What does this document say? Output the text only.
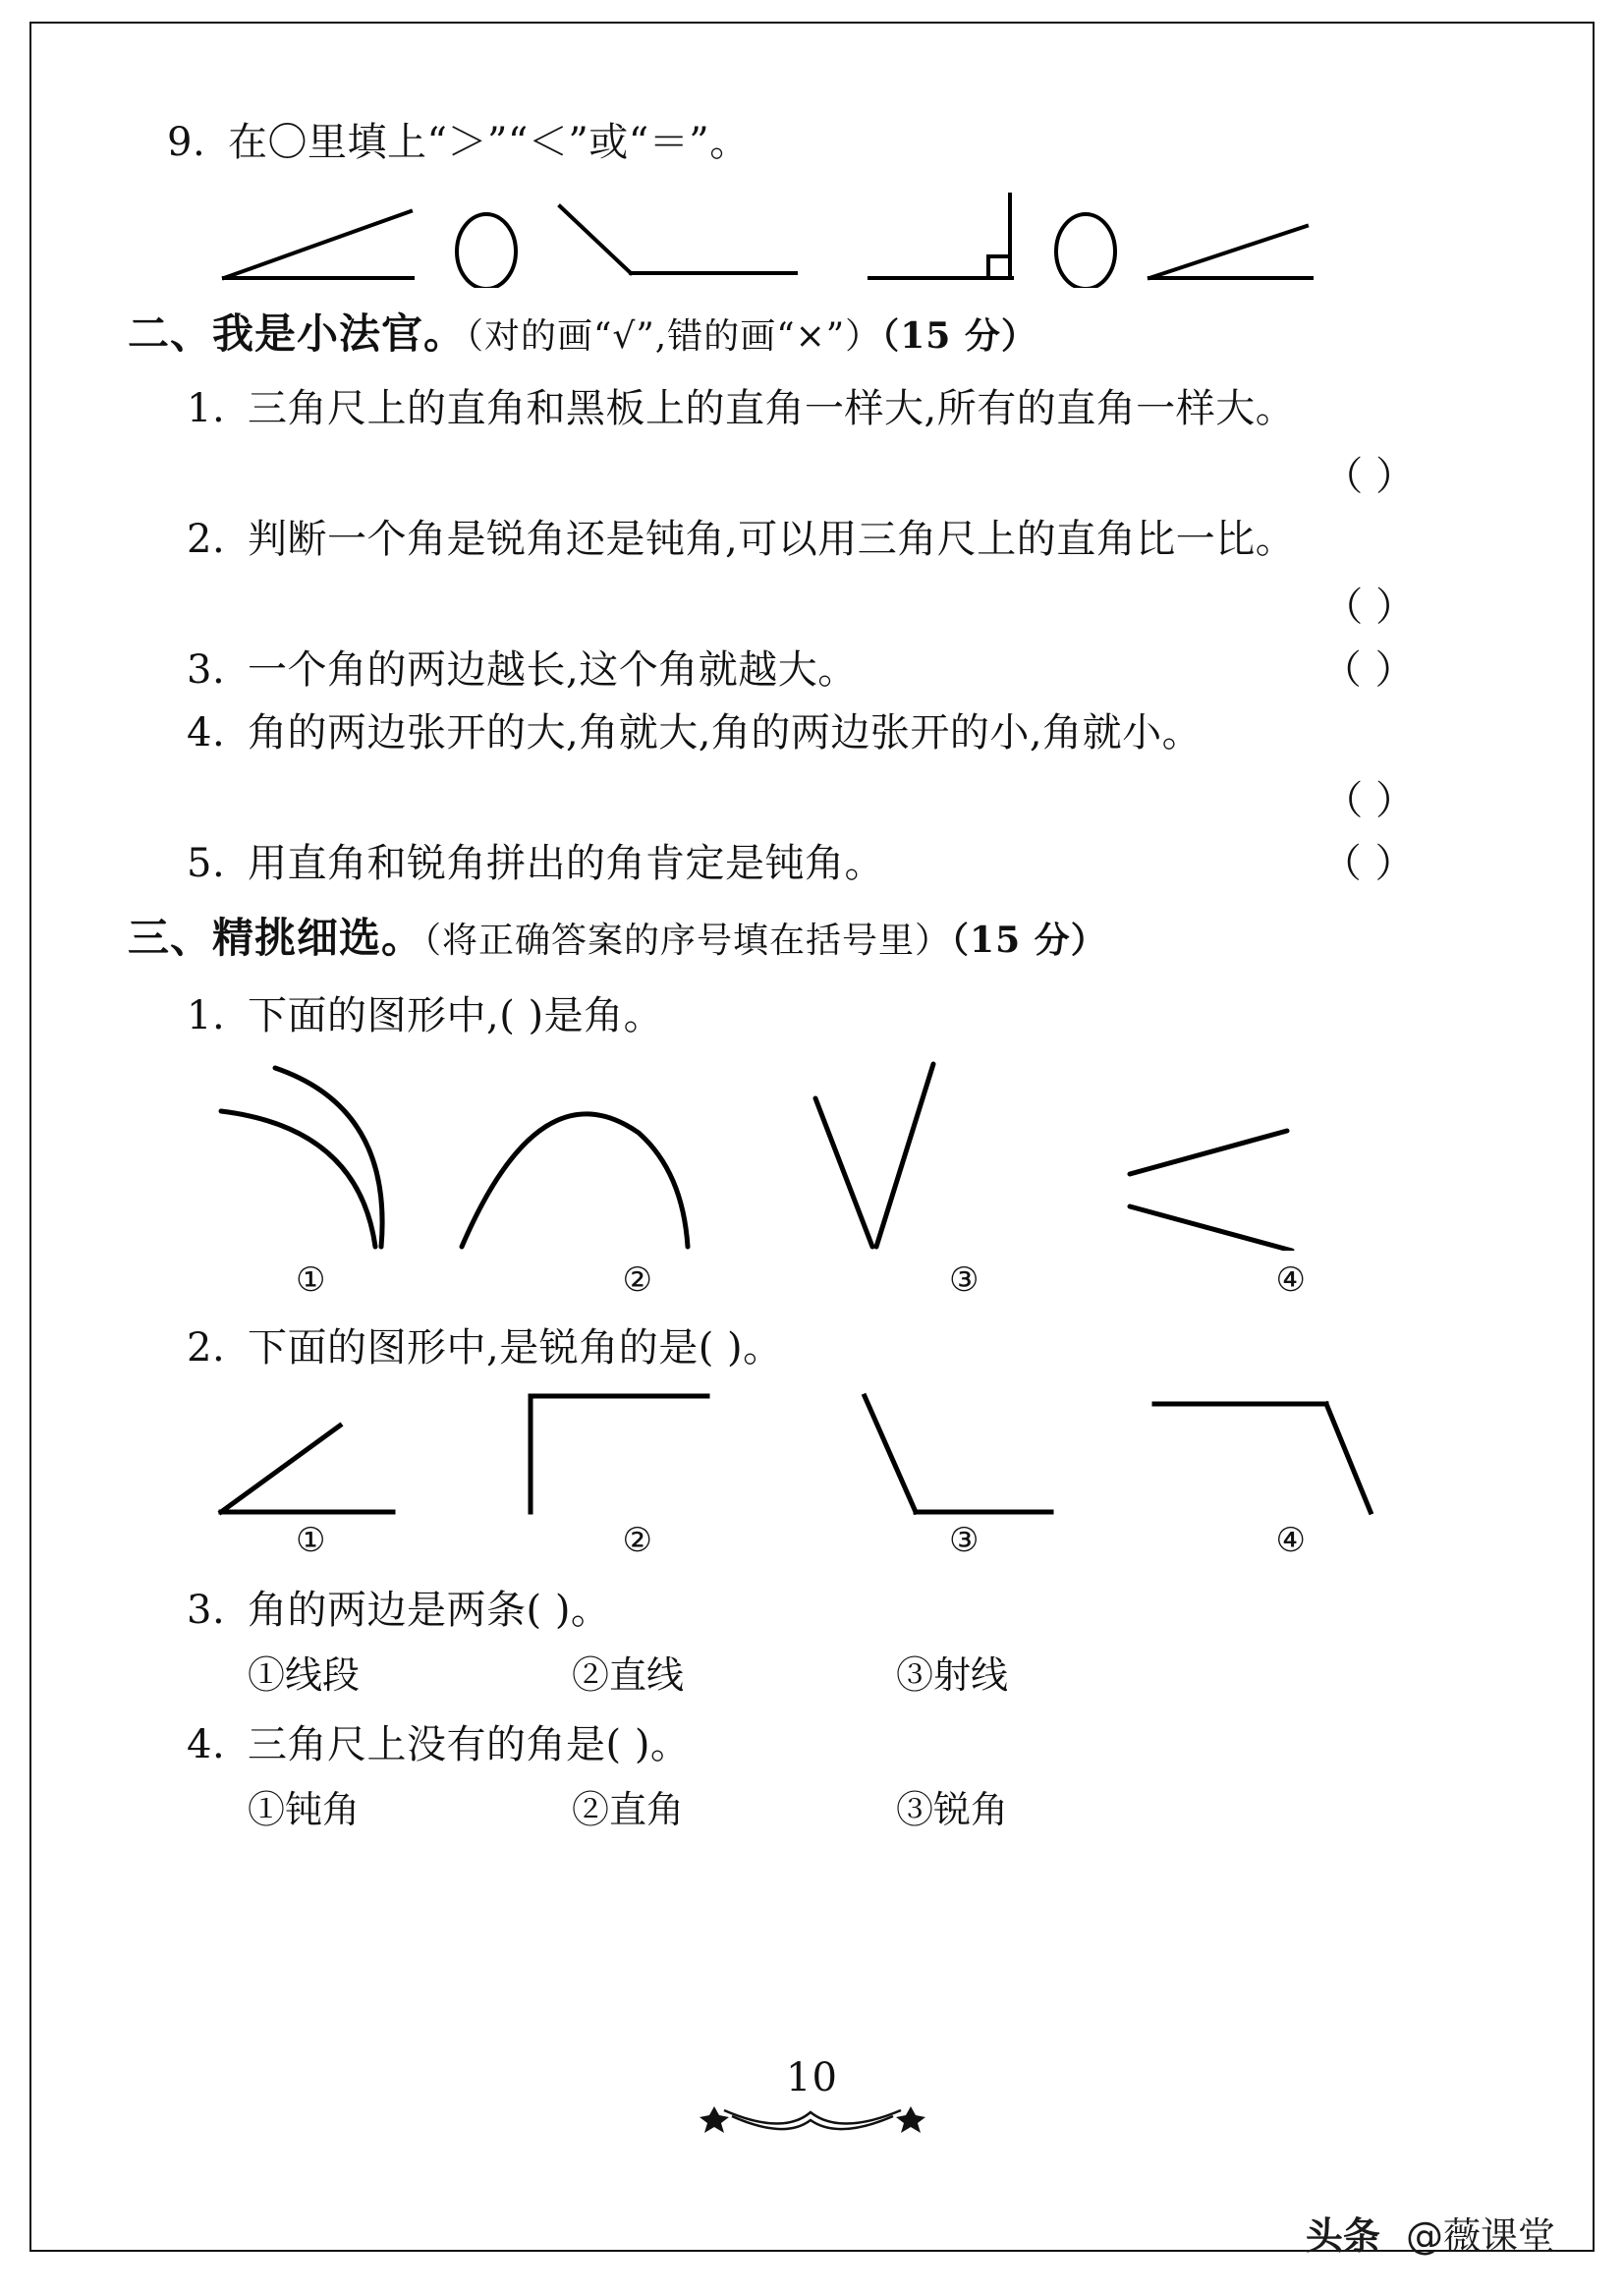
9. 在〇里填上“＞”“＜”或“＝”。
二、我是小法官。（对的画“√”,错的画“×”）（15 分）
1. 三角尺上的直角和黑板上的直角一样大,所有的直角一样大。
（ ）
2. 判断一个角是锐角还是钝角,可以用三角尺上的直角比一比。
（ ）
3. 一个角的两边越长,这个角就越大。	（ ）
4. 角的两边张开的大,角就大,角的两边张开的小,角就小。
（ ）
5. 用直角和锐角拼出的角肯定是钝角。	（ ）
三、精挑细选。（将正确答案的序号填在括号里）（15 分）
1. 下面的图形中,( )是角。
①	②	③	④
2. 下面的图形中,是锐角的是( )。
①	②	③	④
3. 角的两边是两条( )。
①线段	②直线	③射线
4. 三角尺上没有的角是( )。
①钝角	②直角	③锐角
10
头条 @薇课堂
